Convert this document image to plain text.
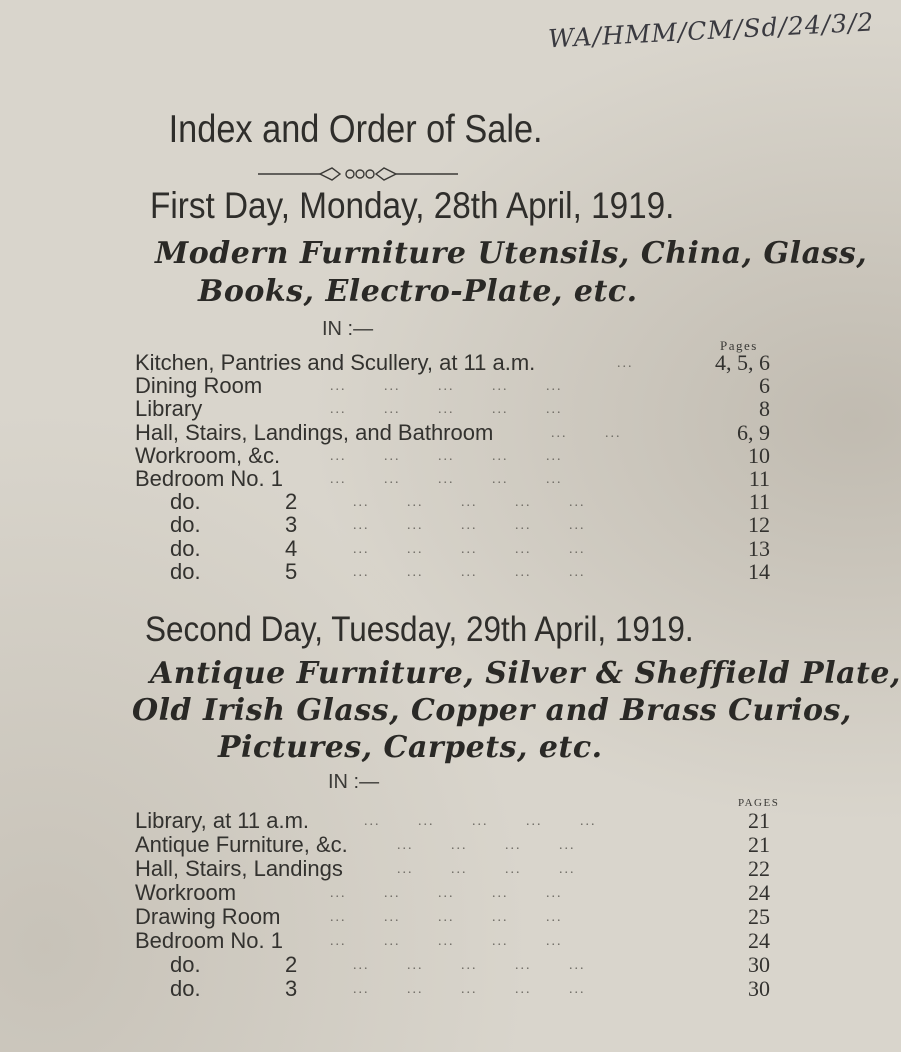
WA/HMM/CM/Sd/24/3/2
Index and Order of Sale.
First Day, Monday, 28th April, 1919.
Modern Furniture Utensils, China, Glass,
Books, Electro-Plate, etc.
IN :—
Pages
Kitchen, Pantries and Scullery, at 11 a.m.	...   4, 5, 6
Dining Room	...   ...   ...   ...   ...  	6
Library	...   ...   ...   ...   ...  	8
Hall, Stairs, Landings, and Bathroom	...   ...  	6, 9
Workroom, &c.	...   ...   ...   ...   ...  	10
Bedroom No. 1	...   ...   ...   ...   ...  	11
do.	2	...   ...   ...   ...   ...  	11
do.	3	...   ...   ...   ...   ...  	12
do.	4	...   ...   ...   ...   ...  	13
do.	5	...   ...   ...   ...   ...  	14
Second Day, Tuesday, 29th April, 1919.
Antique Furniture, Silver & Sheffield Plate,
Old Irish Glass, Copper and Brass Curios,
Pictures, Carpets, etc.
IN :—
PAGES
Library, at 11 a.m.	...   ...   ...   ...   ...  	21
Antique Furniture, &c.	...   ...   ...   ...  	21
Hall, Stairs, Landings	...   ...   ...   ...  	22
Workroom	...   ...   ...   ...   ...  	24
Drawing Room	...   ...   ...   ...   ...  	25
Bedroom No. 1	...   ...   ...   ...   ...  	24
do.	2	...   ...   ...   ...   ...  	30
do.	3	...   ...   ...   ...   ...  	30
